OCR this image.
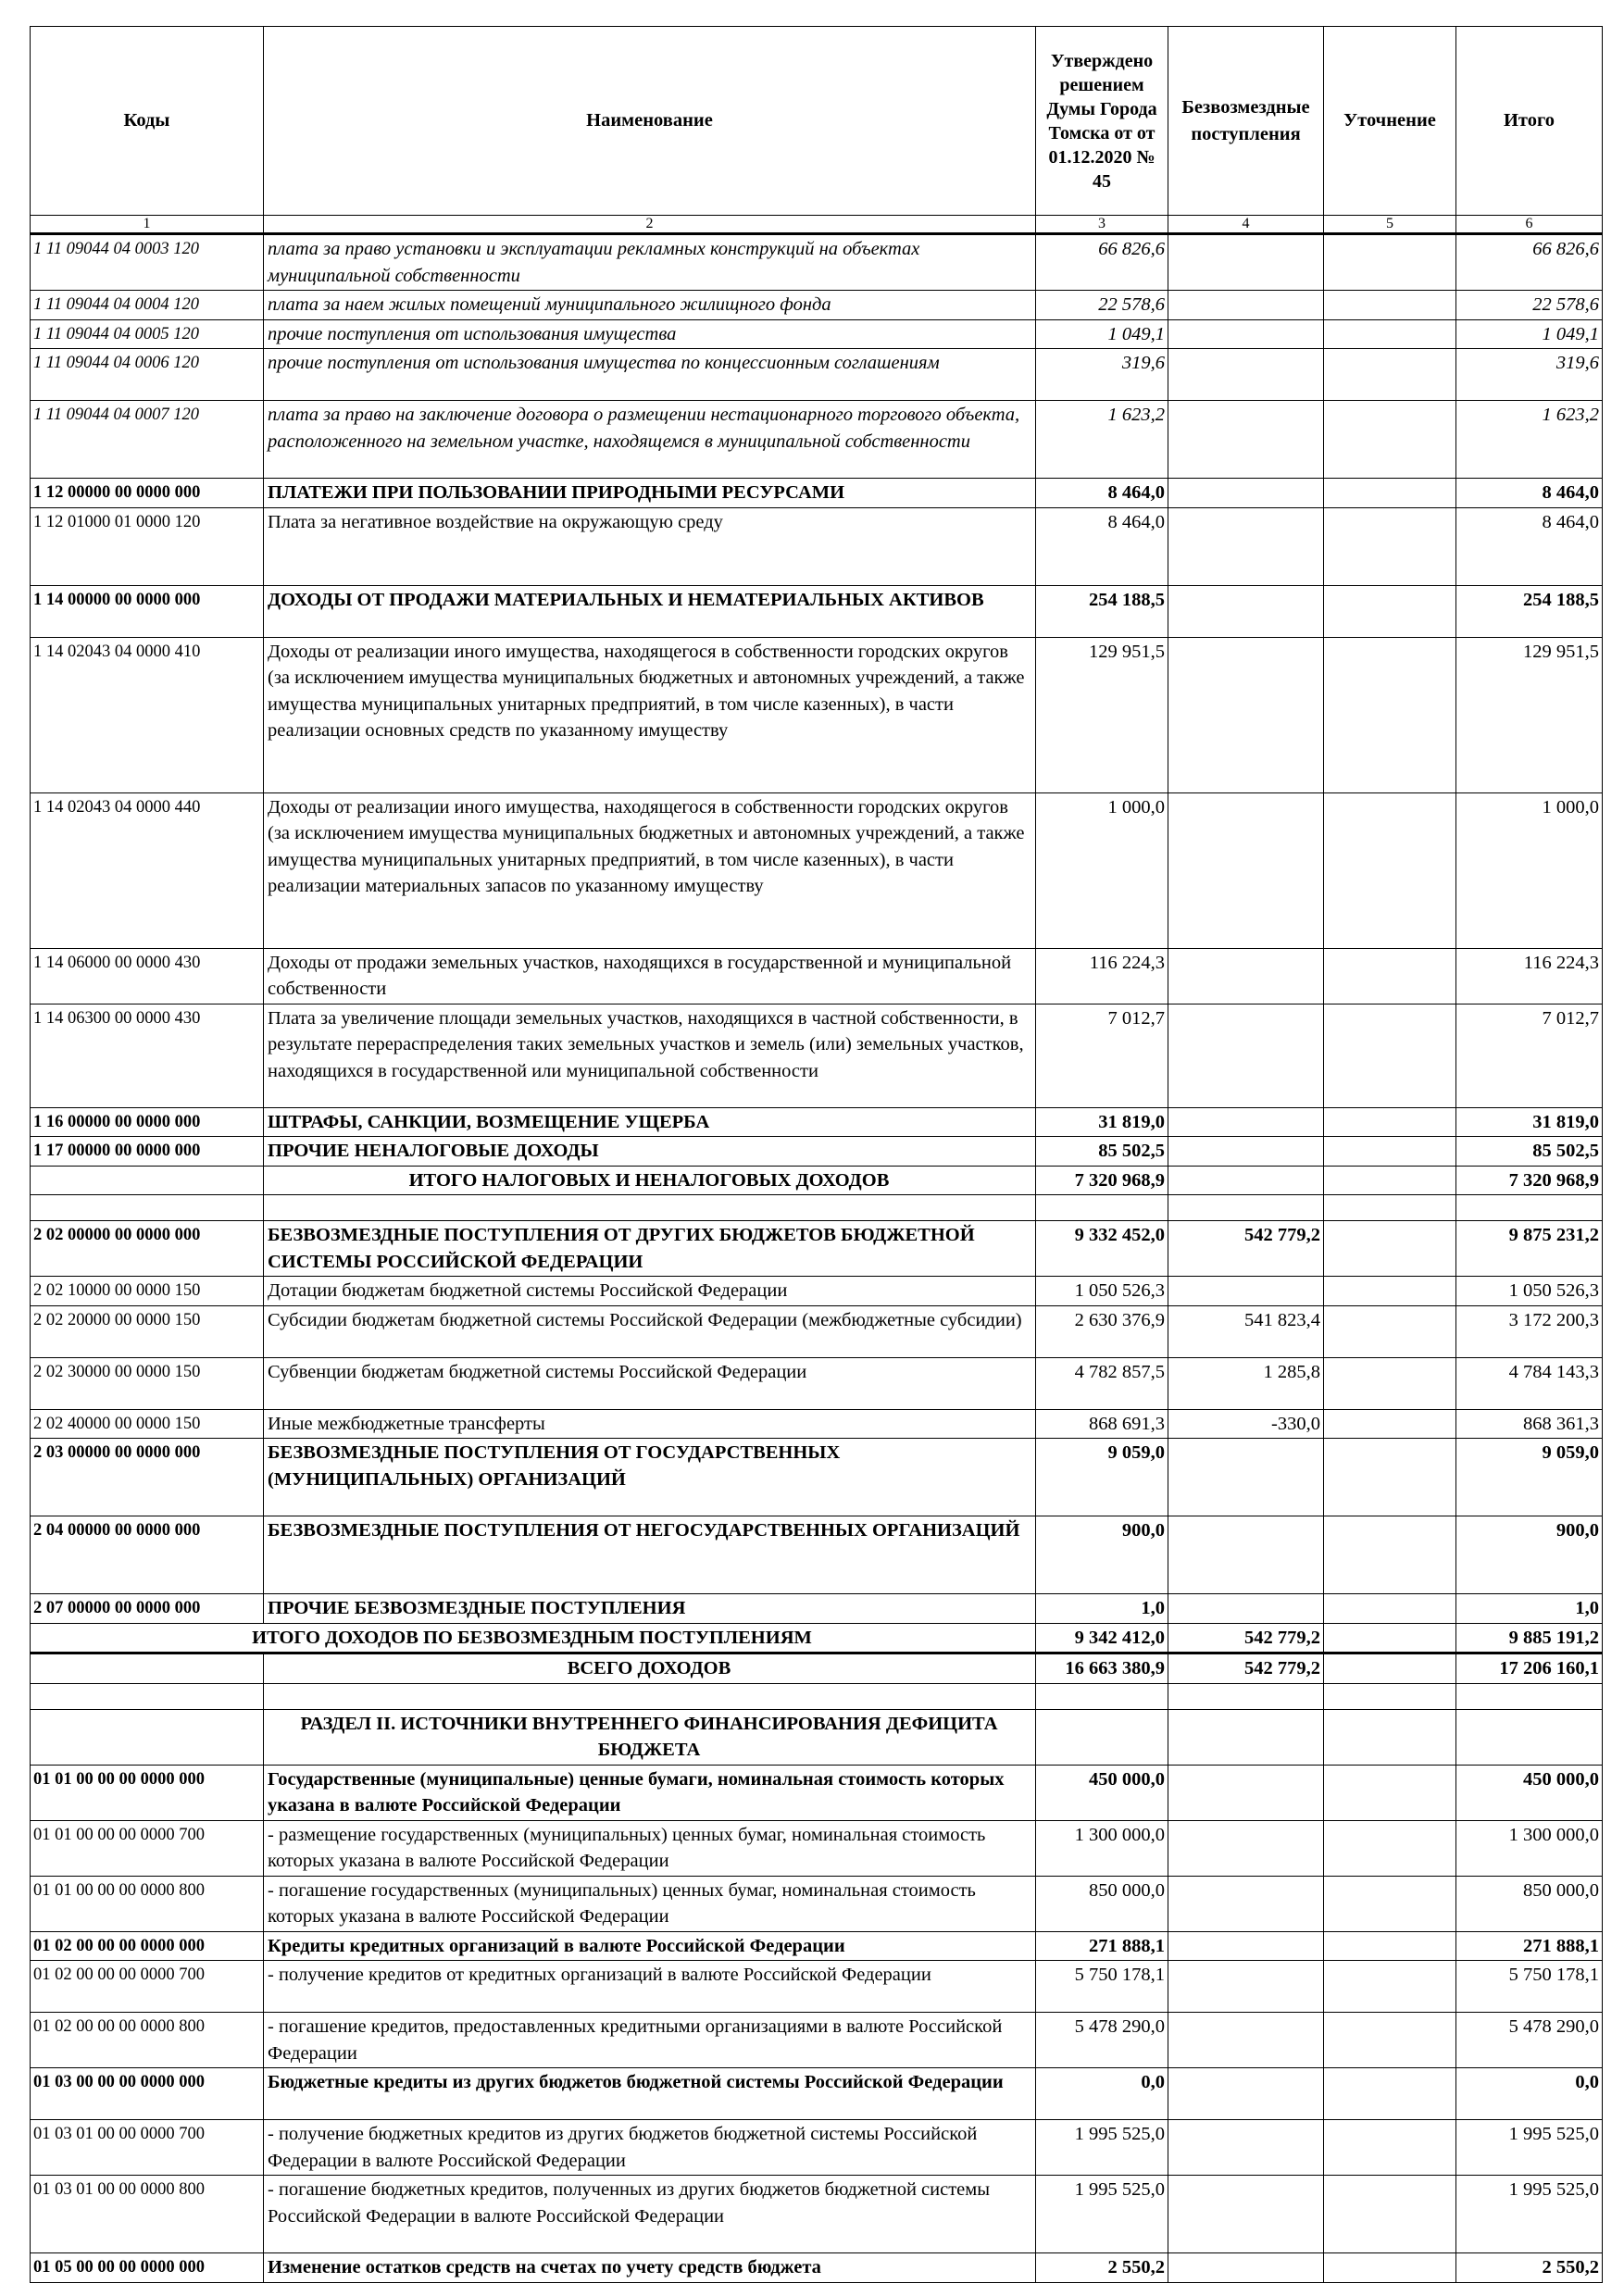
Коды	Наименование	Утверждено решением Думы Города Томска от от 01.12.2020 № 45	Безвозмездные поступления	Уточнение	Итого
1	2	3	4	5	6
1 11 09044 04 0003 120	плата за право установки и эксплуатации рекламных конструкций на объектах муниципальной собственности	66 826,6			66 826,6
1 11 09044 04 0004 120	плата за наем жилых помещений муниципального жилищного фонда	22 578,6			22 578,6
1 11 09044 04 0005 120	прочие поступления от использования имущества	1 049,1			1 049,1
1 11 09044 04 0006 120	прочие поступления от использования имущества по концессионным соглашениям	319,6			319,6
1 11 09044 04 0007 120	плата за право на заключение договора о размещении нестационарного торгового объекта, расположенного на земельном участке, находящемся в муниципальной собственности	1 623,2			1 623,2
1 12 00000 00 0000 000	ПЛАТЕЖИ ПРИ ПОЛЬЗОВАНИИ ПРИРОДНЫМИ РЕСУРСАМИ	8 464,0			8 464,0
1 12 01000 01 0000 120	Плата за негативное воздействие на окружающую среду	8 464,0			8 464,0
1 14 00000 00 0000 000	ДОХОДЫ ОТ ПРОДАЖИ МАТЕРИАЛЬНЫХ И НЕМАТЕРИАЛЬНЫХ АКТИВОВ	254 188,5			254 188,5
1 14 02043 04 0000 410	Доходы от реализации иного имущества, находящегося в собственности городских округов (за исключением имущества муниципальных бюджетных и автономных учреждений, а также имущества муниципальных унитарных предприятий, в том числе казенных), в части реализации основных средств по указанному имуществу	129 951,5			129 951,5
1 14 02043 04 0000 440	Доходы от реализации иного имущества, находящегося в собственности городских округов (за исключением имущества муниципальных бюджетных и автономных учреждений, а также имущества муниципальных унитарных предприятий, в том числе казенных), в части реализации материальных запасов по указанному имуществу	1 000,0			1 000,0
1 14 06000 00 0000 430	Доходы от продажи земельных участков, находящихся в государственной и муниципальной собственности	116 224,3			116 224,3
1 14 06300 00 0000 430	Плата за увеличение площади земельных участков, находящихся в частной собственности, в результате перераспределения таких земельных участков и земель (или) земельных участков, находящихся в государственной или муниципальной собственности	7 012,7			7 012,7
1 16 00000 00 0000 000	ШТРАФЫ, САНКЦИИ, ВОЗМЕЩЕНИЕ УЩЕРБА	31 819,0			31 819,0
1 17 00000 00 0000 000	ПРОЧИЕ НЕНАЛОГОВЫЕ ДОХОДЫ	85 502,5			85 502,5
	ИТОГО НАЛОГОВЫХ И НЕНАЛОГОВЫХ ДОХОДОВ	7 320 968,9			7 320 968,9

2 02 00000 00 0000 000	БЕЗВОЗМЕЗДНЫЕ ПОСТУПЛЕНИЯ ОТ ДРУГИХ БЮДЖЕТОВ БЮДЖЕТНОЙ СИСТЕМЫ РОССИЙСКОЙ ФЕДЕРАЦИИ	9 332 452,0	542 779,2		9 875 231,2
2 02 10000 00 0000 150	Дотации бюджетам бюджетной системы Российской Федерации	1 050 526,3			1 050 526,3
2 02 20000 00 0000 150	Субсидии бюджетам бюджетной системы Российской Федерации (межбюджетные субсидии)	2 630 376,9	541 823,4		3 172 200,3
2 02 30000 00 0000 150	Субвенции бюджетам бюджетной системы Российской Федерации	4 782 857,5	1 285,8		4 784 143,3
2 02 40000 00 0000 150	Иные межбюджетные трансферты	868 691,3	-330,0		868 361,3
2 03 00000 00 0000 000	БЕЗВОЗМЕЗДНЫЕ ПОСТУПЛЕНИЯ ОТ ГОСУДАРСТВЕННЫХ (МУНИЦИПАЛЬНЫХ) ОРГАНИЗАЦИЙ	9 059,0			9 059,0
2 04 00000 00 0000 000	БЕЗВОЗМЕЗДНЫЕ ПОСТУПЛЕНИЯ ОТ НЕГОСУДАРСТВЕННЫХ ОРГАНИЗАЦИЙ	900,0			900,0
2 07 00000 00 0000 000	ПРОЧИЕ БЕЗВОЗМЕЗДНЫЕ ПОСТУПЛЕНИЯ	1,0			1,0
ИТОГО ДОХОДОВ ПО БЕЗВОЗМЕЗДНЫМ ПОСТУПЛЕНИЯМ		9 342 412,0	542 779,2		9 885 191,2
	ВСЕГО ДОХОДОВ	16 663 380,9	542 779,2		17 206 160,1

	РАЗДЕЛ II. ИСТОЧНИКИ ВНУТРЕННЕГО ФИНАНСИРОВАНИЯ ДЕФИЦИТА БЮДЖЕТА				
01 01 00 00 00 0000 000	Государственные (муниципальные) ценные бумаги, номинальная стоимость которых указана в валюте Российской Федерации	450 000,0			450 000,0
01 01 00 00 00 0000 700	- размещение государственных (муниципальных) ценных бумаг, номинальная стоимость которых указана в валюте Российской Федерации	1 300 000,0			1 300 000,0
01 01 00 00 00 0000 800	- погашение государственных (муниципальных) ценных бумаг, номинальная стоимость которых указана в валюте Российской Федерации	850 000,0			850 000,0
01 02 00 00 00 0000 000	Кредиты кредитных организаций в валюте Российской Федерации	271 888,1			271 888,1
01 02 00 00 00 0000 700	- получение кредитов от кредитных организаций в валюте Российской Федерации	5 750 178,1			5 750 178,1
01 02 00 00 00 0000 800	- погашение кредитов, предоставленных кредитными организациями в валюте Российской Федерации	5 478 290,0			5 478 290,0
01 03 00 00 00 0000 000	Бюджетные кредиты из других бюджетов бюджетной системы Российской Федерации	0,0			0,0
01 03 01 00 00 0000 700	- получение бюджетных кредитов из других бюджетов бюджетной системы Российской Федерации в валюте Российской Федерации	1 995 525,0			1 995 525,0
01 03 01 00 00 0000 800	- погашение бюджетных кредитов, полученных из других бюджетов бюджетной системы Российской Федерации в валюте Российской Федерации	1 995 525,0			1 995 525,0
01 05 00 00 00 0000 000	Изменение остатков средств на счетах по учету средств бюджета	2 550,2			2 550,2
